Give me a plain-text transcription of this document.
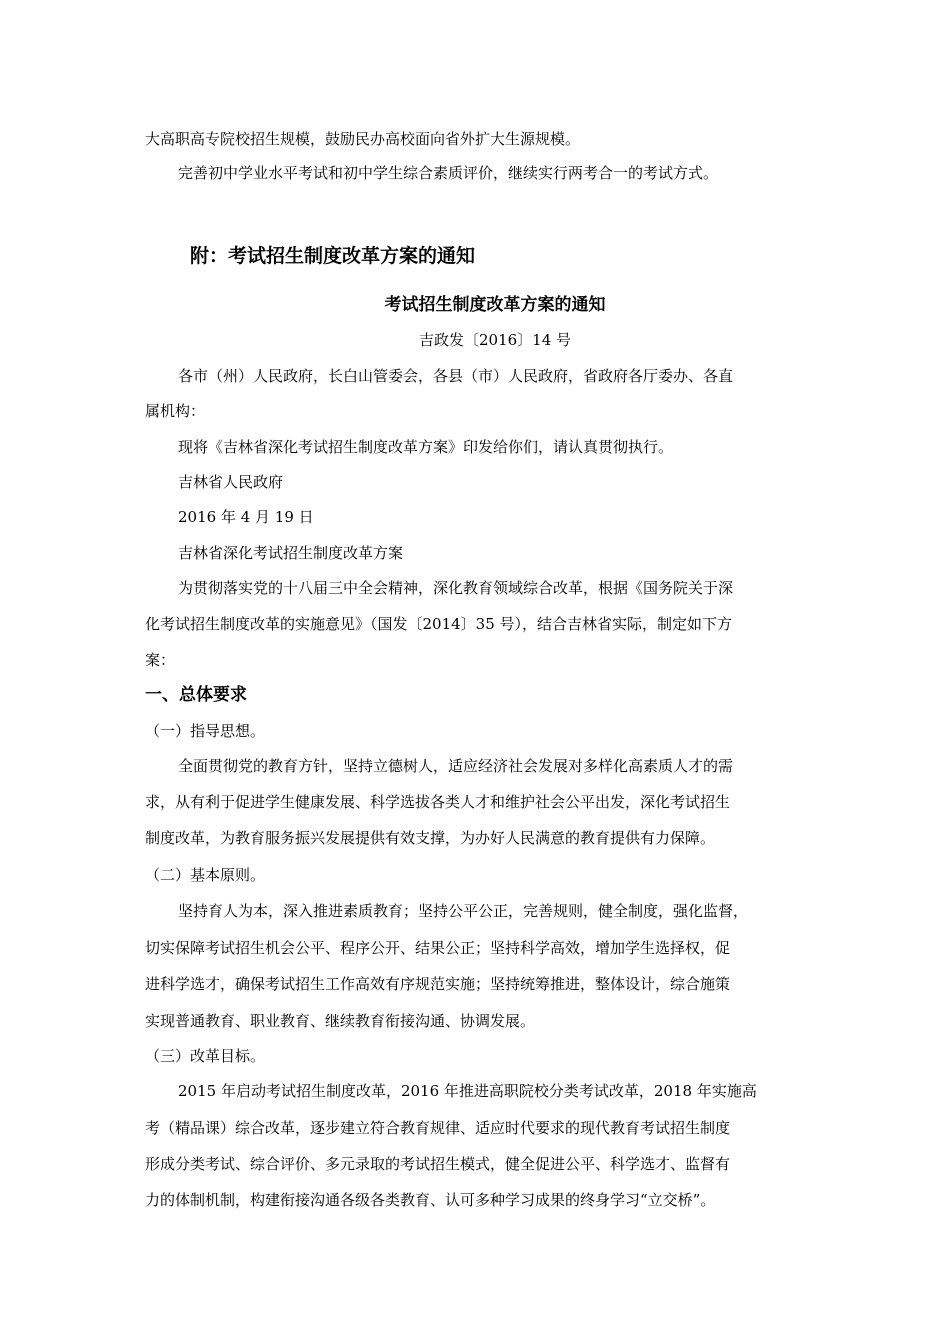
大高职高专院校招生规模，鼓励民办高校面向省外扩大生源规模。
完善初中学业水平考试和初中学生综合素质评价，继续实行两考合一的考试方式。
附：考试招生制度改革方案的通知
考试招生制度改革方案的通知
吉政发〔2016〕14 号
各市（州）人民政府，长白山管委会，各县（市）人民政府，省政府各厅委办、各直
属机构：
现将《吉林省深化考试招生制度改革方案》印发给你们，请认真贯彻执行。
吉林省人民政府
2016 年 4 月 19 日
吉林省深化考试招生制度改革方案
为贯彻落实党的十八届三中全会精神，深化教育领域综合改革，根据《国务院关于深
化考试招生制度改革的实施意见》（国发〔2014〕35 号），结合吉林省实际，制定如下方
案：
一、总体要求
（一）指导思想。
全面贯彻党的教育方针，坚持立德树人，适应经济社会发展对多样化高素质人才的需
求，从有利于促进学生健康发展、科学选拔各类人才和维护社会公平出发，深化考试招生
制度改革，为教育服务振兴发展提供有效支撑，为办好人民满意的教育提供有力保障。
（二）基本原则。
坚持育人为本，深入推进素质教育；坚持公平公正，完善规则，健全制度，强化监督，
切实保障考试招生机会公平、程序公开、结果公正；坚持科学高效，增加学生选择权，促
进科学选才，确保考试招生工作高效有序规范实施；坚持统筹推进，整体设计，综合施策
实现普通教育、职业教育、继续教育衔接沟通、协调发展。
（三）改革目标。
2015 年启动考试招生制度改革，2016 年推进高职院校分类考试改革，2018 年实施高
考（精品课）综合改革，逐步建立符合教育规律、适应时代要求的现代教育考试招生制度
形成分类考试、综合评价、多元录取的考试招生模式，健全促进公平、科学选才、监督有
力的体制机制，构建衔接沟通各级各类教育、认可多种学习成果的终身学习“立交桥”。
